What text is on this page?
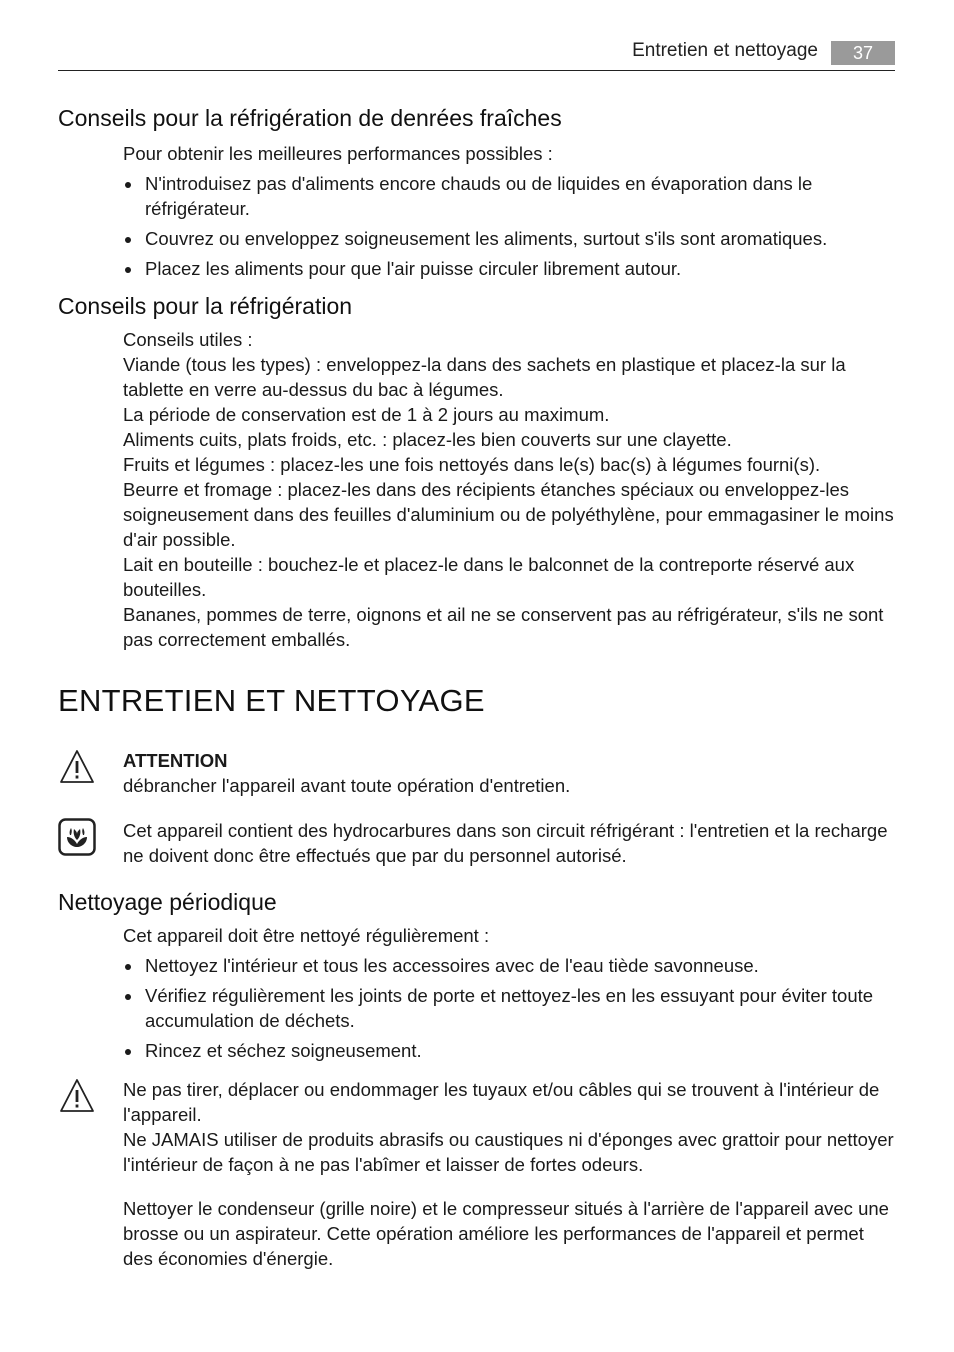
Entretien et nettoyage	37
Conseils pour la réfrigération de denrées fraîches

Pour obtenir les meilleures performances possibles :

N'introduisez pas d'aliments encore chauds ou de liquides en évaporation dans le réfrigérateur.
Couvrez ou enveloppez soigneusement les aliments, surtout s'ils sont aromatiques.
Placez les aliments pour que l'air puisse circuler librement autour.
Conseils pour la réfrigération

Conseils utiles :

Viande (tous les types) : enveloppez-la dans des sachets en plastique et placez-la sur la tablette en verre au-dessus du bac à légumes.

La période de conservation est de 1 à 2 jours au maximum.

Aliments cuits, plats froids, etc. : placez-les bien couverts sur une clayette.

Fruits et légumes : placez-les une fois nettoyés dans le(s) bac(s) à légumes fourni(s).

Beurre et fromage : placez-les dans des récipients étanches spéciaux ou enveloppez-les soigneusement dans des feuilles d'aluminium ou de polyéthylène, pour emmagasiner le moins d'air possible.

Lait en bouteille : bouchez-le et placez-le dans le balconnet de la contreporte réservé aux bouteilles.

Bananes, pommes de terre, oignons et ail ne se conservent pas au réfrigérateur, s'ils ne sont pas correctement emballés.

ENTRETIEN ET NETTOYAGE

ATTENTION

débrancher l'appareil avant toute opération d'entretien.

Cet appareil contient des hydrocarbures dans son circuit réfrigérant : l'entretien et la recharge ne doivent donc être effectués que par du personnel autorisé.

Nettoyage périodique

Cet appareil doit être nettoyé régulièrement :

Nettoyez l'intérieur et tous les accessoires avec de l'eau tiède savonneuse.
Vérifiez régulièrement les joints de porte et nettoyez-les en les essuyant pour éviter toute accumulation de déchets.
Rincez et séchez soigneusement.

Ne pas tirer, déplacer ou endommager les tuyaux et/ou câbles qui se trouvent à l'intérieur de l'appareil.

Ne JAMAIS utiliser de produits abrasifs ou caustiques ni d'éponges avec grattoir pour nettoyer l'intérieur de façon à ne pas l'abîmer et laisser de fortes odeurs.

Nettoyer le condenseur (grille noire) et le compresseur situés à l'arrière de l'appareil avec une brosse ou un aspirateur. Cette opération améliore les performances de l'appareil et permet des économies d'énergie.
